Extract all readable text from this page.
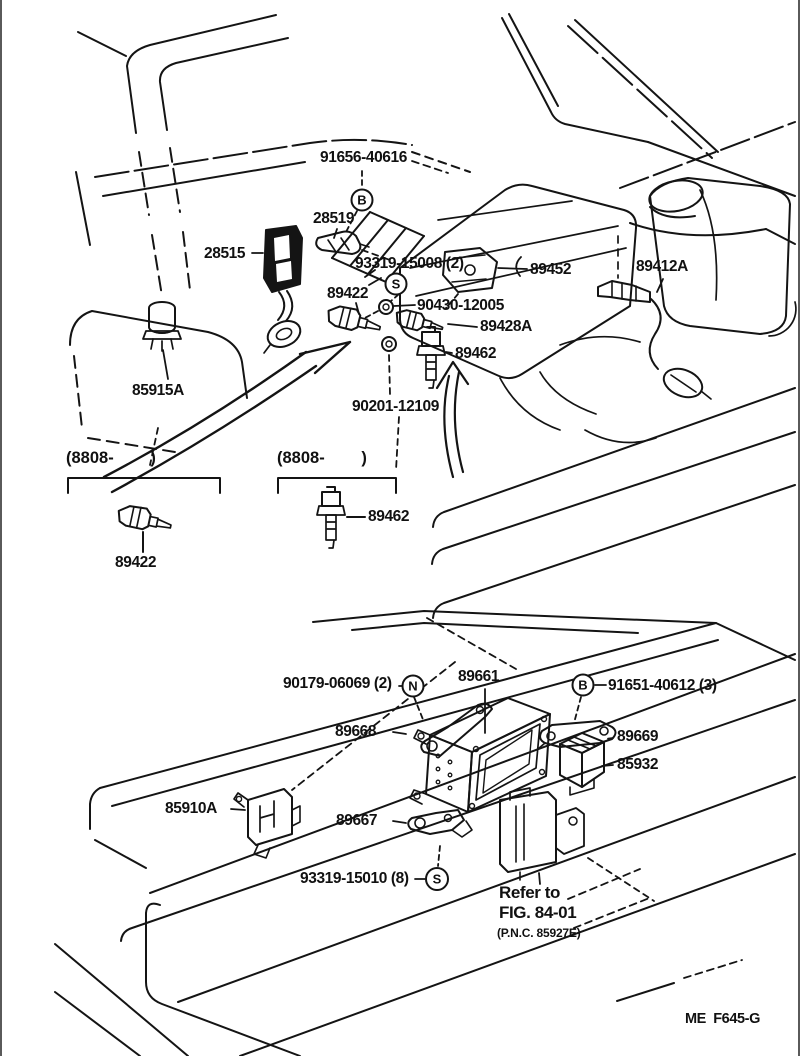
B
S
N	B
S
91656-40616
28519
28515
93319-15008 (2)	89452	89412A
89422
90430-12005
89428A
89462
85915A
90201-12109
(8808-        )	(8808-        )
89422
89462
90179-06069 (2)	89661
91651-40612 (3)
89668	89669
85932
85910A
89667
93319-15010 (8)
Refer to
FIG. 84-01
(P.N.C. 85927E)
ME  F645-G
